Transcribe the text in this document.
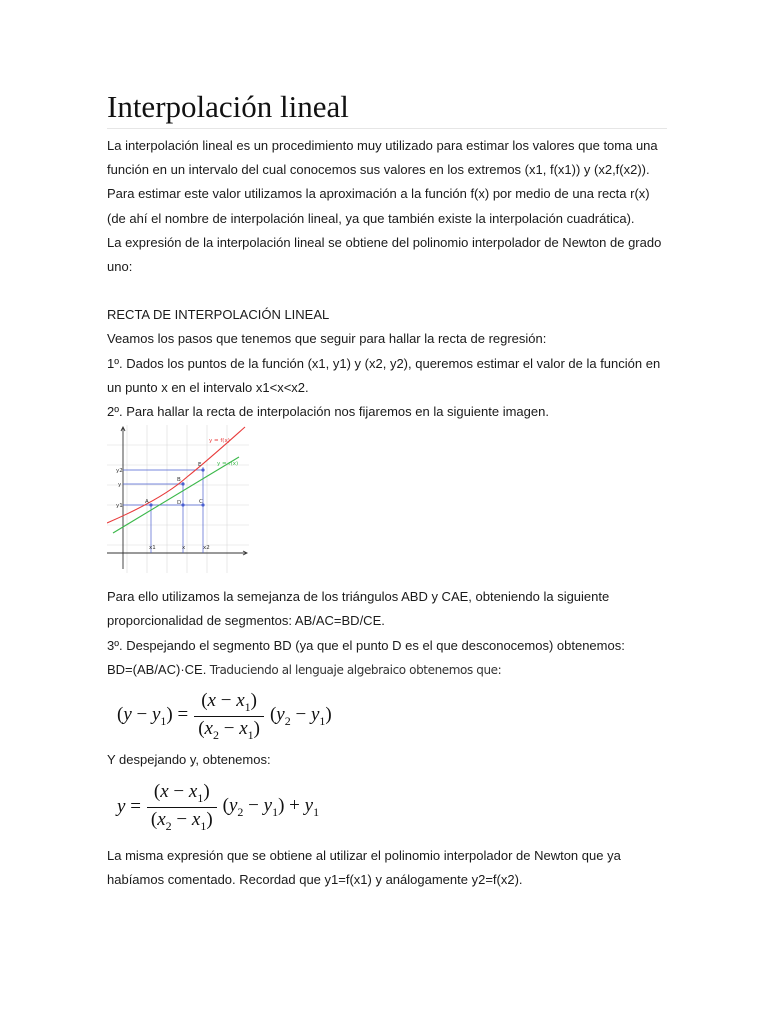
Interpolación lineal

La interpolación lineal es un procedimiento muy utilizado para estimar los valores que toma una función en un intervalo del cual conocemos sus valores en los extremos (x1, f(x1)) y (x2,f(x2)). Para estimar este valor utilizamos la aproximación a la función f(x) por medio de una recta r(x) (de ahí el nombre de interpolación lineal, ya que también existe la interpolación cuadrática).

La expresión de la interpolación lineal se obtiene del polinomio interpolador de Newton de grado uno:

RECTA DE INTERPOLACIÓN LINEAL

Veamos los pasos que tenemos que seguir para hallar la recta de regresión:

1º. Dados los puntos de la función (x1, y1) y (x2, y2), queremos estimar el valor de la función en un punto x en el intervalo x1<x<x2.

2º. Para hallar la recta de interpolación nos fijaremos en la siguiente imagen.

y = f(x)
y = r(x)
A
B
D
E
C
x1	x	x2
y1
y
y2

Para ello utilizamos la semejanza de los triángulos ABD y CAE, obteniendo la siguiente proporcionalidad de segmentos: AB/AC=BD/CE.

3º. Despejando el segmento BD (ya que el punto D es el que desconocemos) obtenemos:

BD=(AB/AC)·CE. Traduciendo al lenguaje algebraico obtenemos que:

$(y - y_1) = \frac{(x - x_1)}{(x_2 - x_1)} (y_2 - y_1)$

Y despejando y, obtenemos:

$y = \frac{(x - x_1)}{(x_2 - x_1)} (y_2 - y_1) + y_1$

La misma expresión que se obtiene al utilizar el polinomio interpolador de Newton que ya habíamos comentado. Recordad que y1=f(x1) y análogamente y2=f(x2).
